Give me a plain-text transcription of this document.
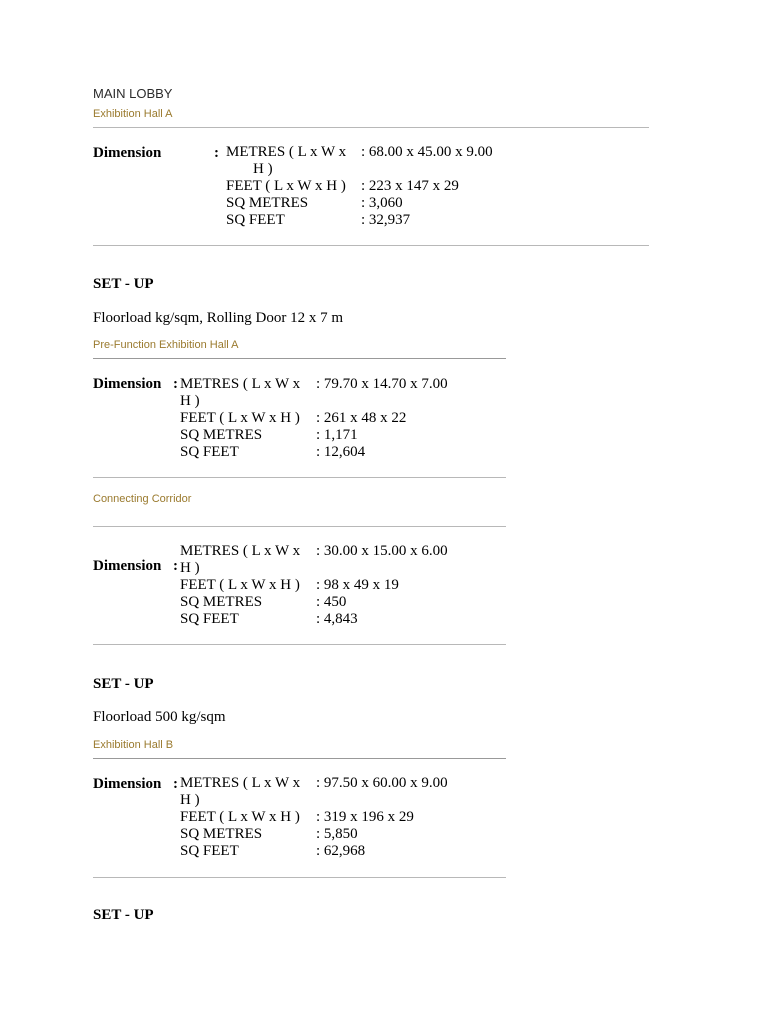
MAIN LOBBY
Exhibition Hall A
Dimension	: METRES ( L x W x
H )
FEET ( L x W x H )
SQ METRES
SQ FEET
: 68.00 x 45.00 x 9.00

: 223 x 147 x 29
: 3,060
: 32,937
SET - UP
Floorload kg/sqm, Rolling Door 12 x 7 m
Pre-Function Exhibition Hall A
Dimension : METRES ( L x W x
H )
FEET ( L x W x H )
SQ METRES
SQ FEET
: 79.70 x 14.70 x 7.00

: 261 x 48 x 22
: 1,171
: 12,604
Connecting Corridor
Dimension :
METRES ( L x W x
H )
FEET ( L x W x H )
SQ METRES
SQ FEET
: 30.00 x 15.00 x 6.00

: 98 x 49 x 19
: 450
: 4,843
SET - UP
Floorload 500 kg/sqm
Exhibition Hall B
Dimension : METRES ( L x W x
H )
FEET ( L x W x H )
SQ METRES
SQ FEET
: 97.50 x 60.00 x 9.00

: 319 x 196 x 29
: 5,850
: 62,968
SET - UP
